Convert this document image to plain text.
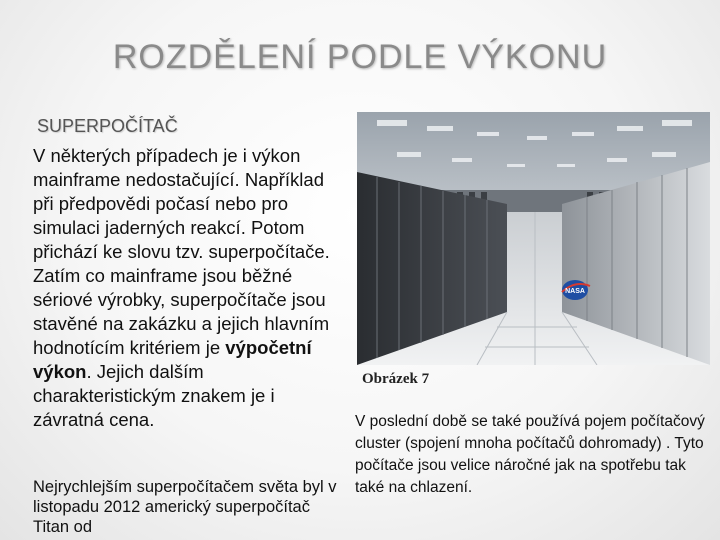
ROZDĚLENÍ PODLE VÝKONU
SUPERPOČÍTAČ
V některých případech je i výkon mainframe nedostačující. Například při předpovědi počasí nebo pro simulaci jaderných reakcí. Potom přichází ke slovu tzv. superpočítače. Zatím co mainframe jsou běžné sériové výrobky, superpočítače jsou stavěné na zakázku a jejich hlavním hodnotícím kritériem je výpočetní výkon. Jejich dalším charakteristickým znakem je i závratná cena.
Nejrychlejším superpočítačem světa byl v listopadu 2012 americký superpočítač Titan od
NASA
Obrázek 7
V poslední době se také používá pojem počítačový cluster (spojení mnoha počítačů dohromady) . Tyto počítače jsou velice náročné jak na spotřebu tak také na chlazení.
